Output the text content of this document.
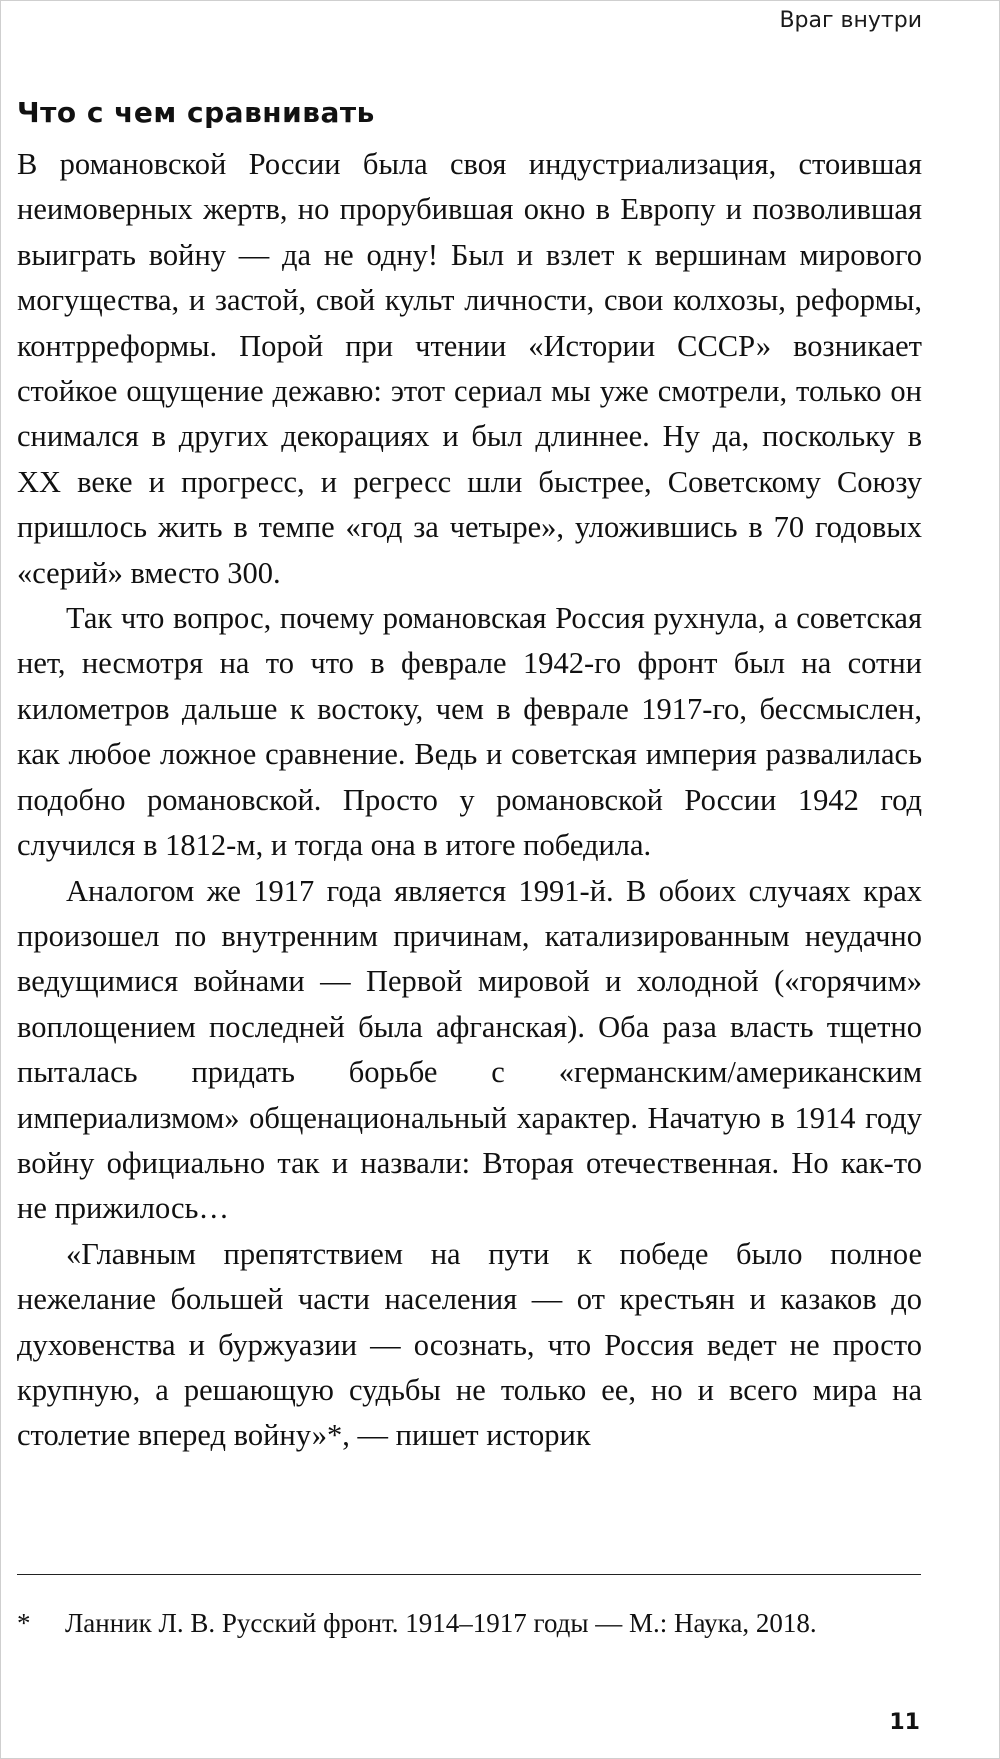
Враг внутри
Что с чем сравнивать

В романовской России была своя индустриализация, стоившая неимоверных жертв, но прорубившая окно в Европу и позволившая выиграть войну — да не одну! Был и взлет к вершинам мирового могущества, и застой, свой культ личности, свои колхозы, реформы, контрреформы. Порой при чтении «Истории СССР» возникает стойкое ощущение дежавю: этот сериал мы уже смотрели, только он снимался в других декорациях и был длиннее. Ну да, поскольку в XX веке и прогресс, и регресс шли быстрее, Советскому Союзу пришлось жить в темпе «год за четыре», уложившись в 70 годовых «серий» вместо 300.

Так что вопрос, почему романовская Россия рухнула, а советская нет, несмотря на то что в феврале 1942-го фронт был на сотни километров дальше к востоку, чем в феврале 1917-го, бессмыслен, как любое ложное сравнение. Ведь и советская империя развалилась подобно романовской. Просто у романовской России 1942 год случился в 1812-м, и тогда она в итоге победила.

Аналогом же 1917 года является 1991-й. В обоих случаях крах произошел по внутренним причинам, катализированным неудачно ведущимися войнами — Первой мировой и холодной («горячим» воплощением последней была афганская). Оба раза власть тщетно пыталась придать борьбе с «германским/американским империализмом» общенациональный характер. Начатую в 1914 году войну официально так и назвали: Вторая отечественная. Но как-то не прижилось…

«Главным препятствием на пути к победе было полное нежелание большей части населения — от крестьян и казаков до духовенства и буржуазии — осознать, что Россия ведет не просто крупную, а решающую судьбы не только ее, но и всего мира на столетие вперед войну»*, — пишет историк

* Ланник Л. В. Русский фронт. 1914–1917 годы — М.: Наука, 2018.
11
